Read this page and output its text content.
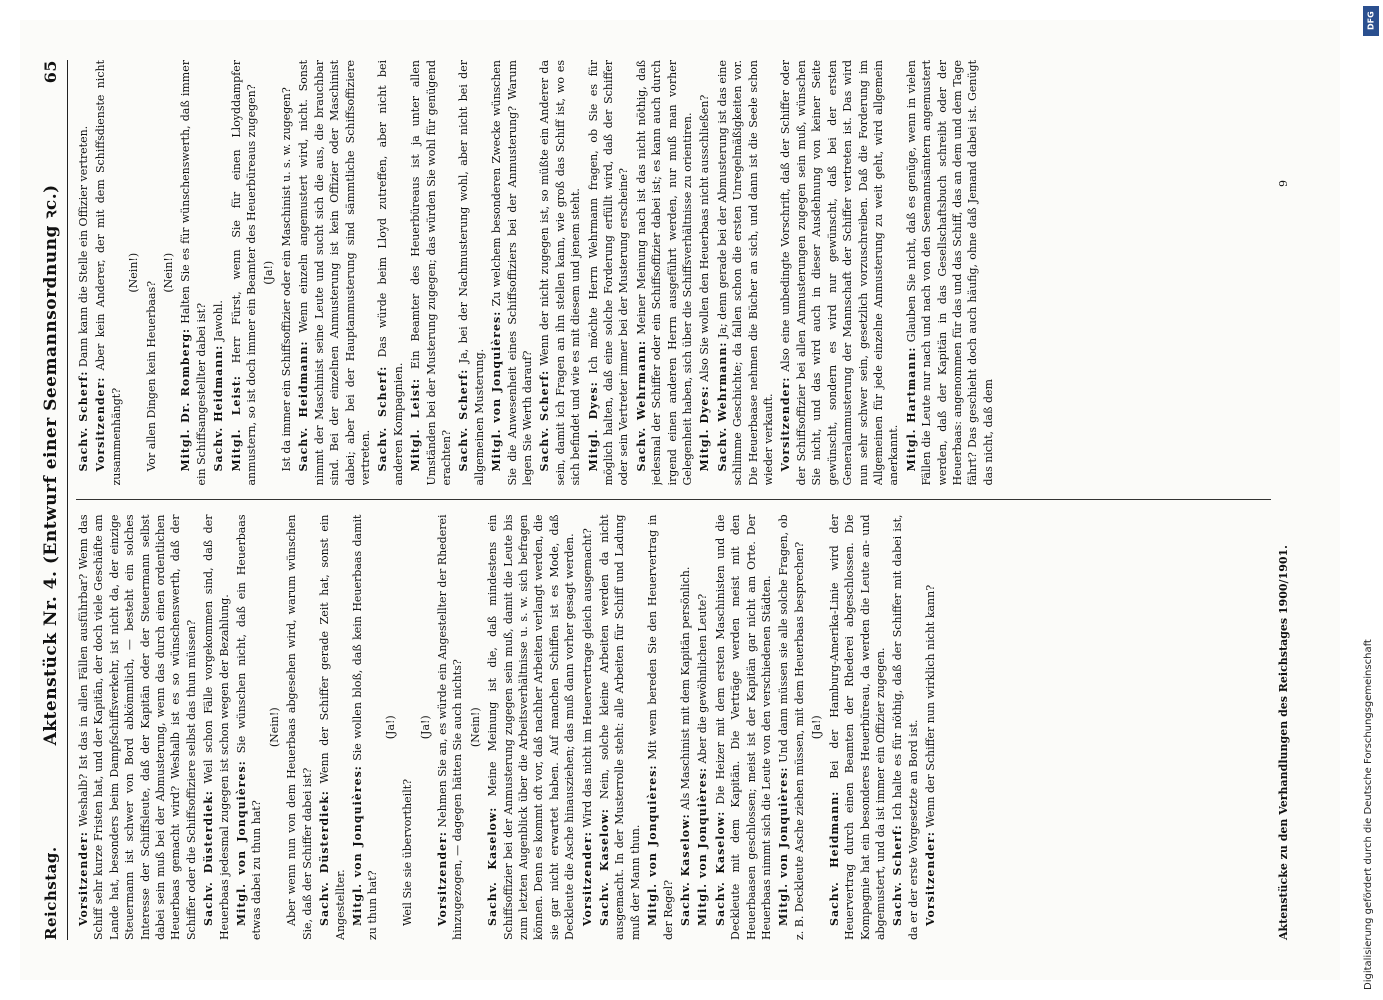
Reichstag.
Aktenstück Nr. 4. (Entwurf einer Seemannsordnung ꝛc.)
65

Vorsitzender: Weshalb? Ist das in allen Fällen ausführbar? Wenn das Schiff sehr kurze Fristen hat, und der Kapitän, der doch viele Geschäfte am Lande hat, besonders beim Dampfschiffsverkehr, ist nicht da, der einzige Steuermann ist schwer von Bord abkömmlich, — besteht ein solches Interesse der Schiffsleute, daß der Kapitän oder der Steuermann selbst dabei sein muß bei der Abmusterung, wenn das durch einen ordentlichen Heuerbaas gemacht wird? Weshalb ist es so wünschenswerth, daß der Schiffer oder die Schiffsoffiziere selbst das thun müssen? Sachv. Düsterdiek: Weil schon Fälle vorgekommen sind, daß der Heuerbaas jedesmal zugegen ist schon wegen der Bezahlung. Mitgl. von Jonquières: Sie wünschen nicht, daß ein Heuerbaas etwas dabei zu thun hat?

(Nein!) Aber wenn nun von dem Heuerbaas abgesehen wird, warum wünschen Sie, daß der Schiffer dabei ist? Sachv. Düsterdiek: Wenn der Schiffer gerade Zeit hat, sonst ein Angestellter. Mitgl. von Jonquières: Sie wollen bloß, daß kein Heuerbaas damit zu thun hat?

(Ja!)

Weil Sie sie übervortheilt?

(Ja!)

Vorsitzender: Nehmen Sie an, es würde ein Angestellter der Rhederei hinzugezogen, — dagegen hätten Sie auch nichts? (Nein!)

Sachv. Kaselow: Meine Meinung ist die, daß mindestens ein Schiffsoffizier bei der Anmusterung zugegen sein muß, damit die Leute bis zum letzten Augenblick über die Arbeitsverhältnisse u. s. w. sich befragen können. Denn es kommt oft vor, daß nachher Arbeiten verlangt werden, die sie gar nicht erwartet haben. Auf manchen Schiffen ist es Mode, daß Deckleute die Asche hinausziehen; das muß dann vorher gesagt werden. Vorsitzender: Wird das nicht im Heuervertrage gleich ausgemacht?

Sachv. Kaselow: Nein, solche kleine Arbeiten werden da nicht ausgemacht. In der Musterrolle steht: alle Arbeiten für Schiff und Ladung muß der Mann thun. Mitgl. von Jonquières: Mit wem bereden Sie den Heuervertrag in der Regel? Sachv. Kaselow: Als Maschinist mit dem Kapitän persönlich.

Mitgl. von Jonquières: Aber die gewöhnlichen Leute?

Sachv. Kaselow: Die Heizer mit dem ersten Maschinisten und die Deckleute mit dem Kapitän. Die Verträge werden meist mit den Heuerbaasen geschlossen; meist ist der Kapitän gar nicht am Orte. Der Heuerbaas nimmt sich die Leute von den verschiedenen Städten. Mitgl. von Jonquières: Und dann müssen sie alle solche Fragen, ob z. B. Deckleute Asche ziehen müssen, mit dem Heuerbaas besprechen? (Ja!)

Sachv. Heidmann: Bei der Hamburg-Amerika-Linie wird der Heuervertrag durch einen Beamten der Rhederei abgeschlossen. Die Kompagnie hat ein besonderes Heuerbüreau, da werden die Leute an- und abgemustert, und da ist immer ein Offizier zugegen. Sachv. Scherf: Ich halte es für nöthig, daß der Schiffer mit dabei ist, da er der erste Vorgesetzte an Bord ist. Vorsitzender: Wenn der Schiffer nun wirklich nicht kann?

Sachv. Scherf: Dann kann die Stelle ein Offizier vertreten.

Vorsitzender: Aber kein Anderer, der mit dem Schiffsdienste nicht zusammenhängt?

(Nein!)

Vor allen Dingen kein Heuerbaas?

(Nein!)

Mitgl. Dr. Romberg: Halten Sie es für wünschenswerth, daß immer ein Schiffsangestellter dabei ist? Sachv. Heidmann: Jawohl.

Mitgl. Leist: Herr Fürst, wenn Sie für einen Lloyddampfer anmustern, so ist doch immer ein Beamter des Heuerbüreaus zugegen? (Ja!) Ist da immer ein Schiffsoffizier oder ein Maschinist u. s. w. zugegen? Sachv. Heidmann: Wenn einzeln angemustert wird, nicht. Sonst nimmt der Maschinist seine Leute und sucht sich die aus, die brauchbar sind. Bei der einzelnen Anmusterung ist kein Offizier oder Maschinist dabei; aber bei der Hauptanmusterung sind sämmtliche Schiffsoffiziere vertreten. Sachv. Scherf: Das würde beim Lloyd zutreffen, aber nicht bei anderen Kompagnien. Mitgl. Leist: Ein Beamter des Heuerbüreaus ist ja unter allen Umständen bei der Musterung zugegen; das würden Sie wohl für genügend erachten? Sachv. Scherf: Ja, bei der Nachmusterung wohl, aber nicht bei der allgemeinen Musterung. Mitgl. von Jonquières: Zu welchem besonderen Zwecke wünschen Sie die Anwesenheit eines Schiffsoffiziers bei der Anmusterung? Warum legen Sie Werth darauf? Sachv. Scherf: Wenn der nicht zugegen ist, so müßte ein Anderer da sein, damit ich Fragen an ihn stellen kann, wie groß das Schiff ist, wo es sich befindet und wie es mit diesem und jenem steht. Mitgl. Dyes: Ich möchte Herrn Wehrmann fragen, ob Sie es für möglich halten, daß eine solche Forderung erfüllt wird, daß der Schiffer oder sein Vertreter immer bei der Musterung erscheine? Sachv. Wehrmann: Meiner Meinung nach ist das nicht nöthig, daß jedesmal der Schiffer oder ein Schiffsoffizier dabei ist; es kann auch durch irgend einen anderen Herrn ausgeführt werden, nur muß man vorher Gelegenheit haben, sich über die Schiffsverhältnisse zu orientiren. Mitgl. Dyes: Also Sie wollen den Heuerbaas nicht ausschließen?

Sachv. Wehrmann: Ja; denn gerade bei der Abmusterung ist das eine schlimme Geschichte; da fallen schon die ersten Unregelmäßigkeiten vor. Die Heuerbaase nehmen die Bücher an sich, und dann ist die Seele schon wieder verkauft. Vorsitzender: Also eine unbedingte Vorschrift, daß der Schiffer oder der Schiffsoffizier bei allen Anmusterungen zugegen sein muß, wünschen Sie nicht, und das wird auch in dieser Ausdehnung von keiner Seite gewünscht, sondern es wird nur gewünscht, daß bei der ersten Generalanmusterung der Mannschaft der Schiffer vertreten ist. Das wird nun sehr schwer sein, gesetzlich vorzuschreiben. Daß die Forderung im Allgemeinen für jede einzelne Anmusterung zu weit geht, wird allgemein anerkannt. Mitgl. Hartmann: Glauben Sie nicht, daß es genüge, wenn in vielen Fällen die Leute nur nach und nach von den Seemannsämtern angemustert werden, daß der Kapitän in das Gesellschaftsbuch schreibt oder der Heuerbaas: angenommen für das und das Schiff, das an dem und dem Tage fährt? Das geschieht doch auch häufig, ohne daß Jemand dabei ist. Genügt das nicht, daß dem

Aktenstücke zu den Verhandlungen des Reichstages 1900/1901.
9
Digitalisierung gefördert durch die Deutsche Forschungsgemeinschaft
DFG
